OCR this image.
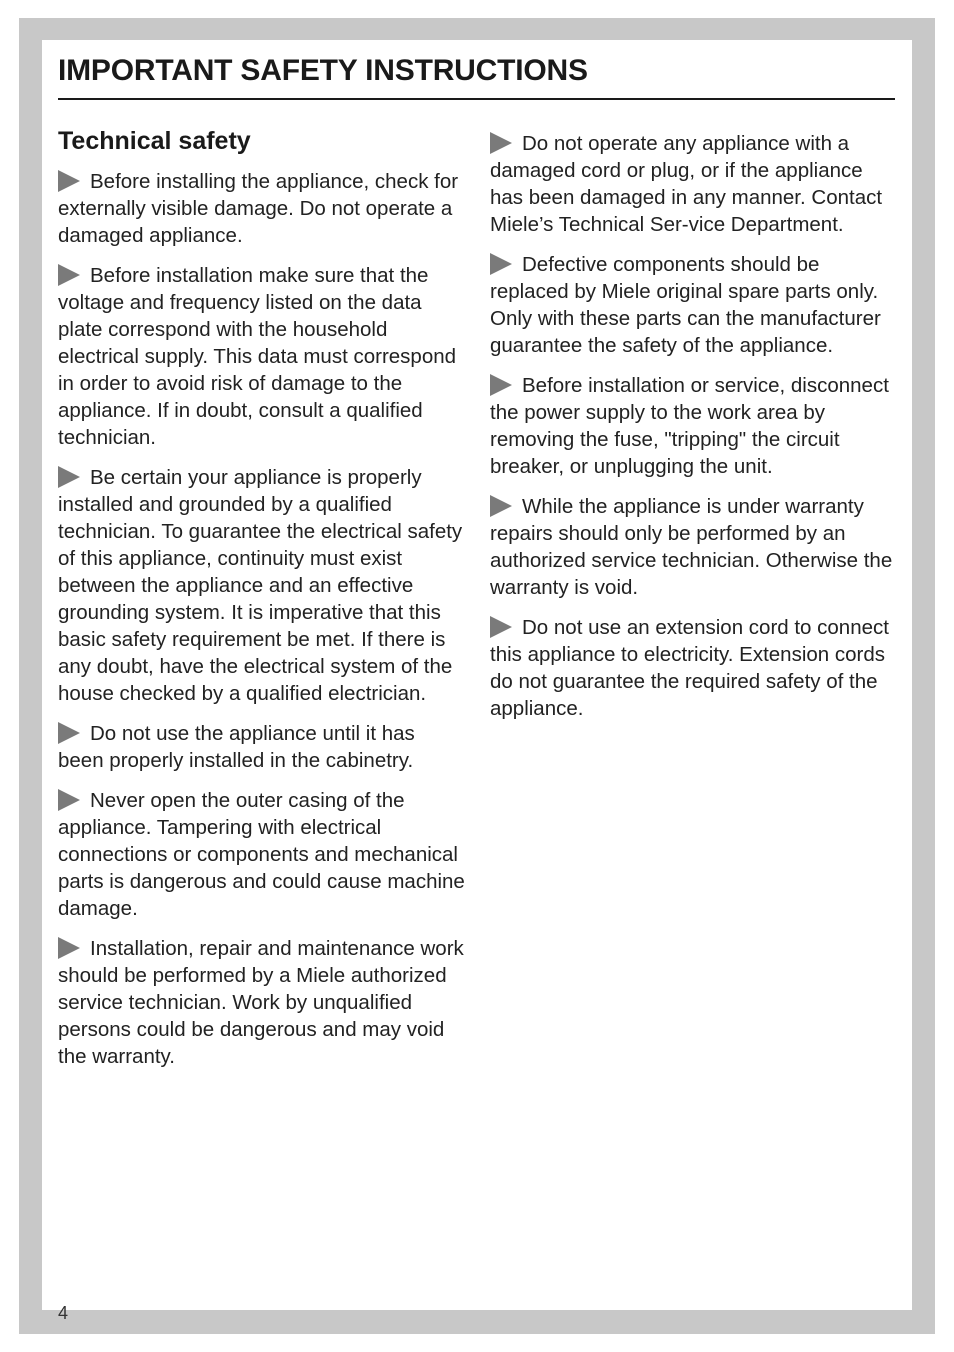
IMPORTANT SAFETY INSTRUCTIONS
Technical safety

Before installing the appliance, check for externally visible damage. Do not operate a damaged appliance.

Before installation make sure that the voltage and frequency listed on the data plate correspond with the household electrical supply. This data must correspond in order to avoid risk of damage to the appliance. If in doubt, consult a qualified technician.

Be certain your appliance is properly installed and grounded by a qualified technician. To guarantee the electrical safety of this appliance, continuity must exist between the appliance and an effective grounding system. It is imperative that this basic safety requirement be met. If there is any doubt, have the electrical system of the house checked by a qualified electrician.

Do not use the appliance until it has been properly installed in the cabinetry.

Never open the outer casing of the appliance. Tampering with electrical connections or components and mechanical parts is dangerous and could cause machine damage.

Installation, repair and maintenance work should be performed by a Miele authorized service technician. Work by unqualified persons could be dangerous and may void the warranty.

Do not operate any appliance with a damaged cord or plug, or if the appliance has been damaged in any manner. Contact Miele’s Technical Ser-vice Department.

Defective components should be replaced by Miele original spare parts only. Only with these parts can the manufacturer guarantee the safety of the appliance.

Before installation or service, disconnect the power supply to the work area by removing the fuse, "tripping" the circuit breaker, or unplugging the unit.

While the appliance is under warranty repairs should only be performed by an authorized service technician. Otherwise the warranty is void.

Do not use an extension cord to connect this appliance to electricity. Extension cords do not guarantee the required safety of the appliance.

4
